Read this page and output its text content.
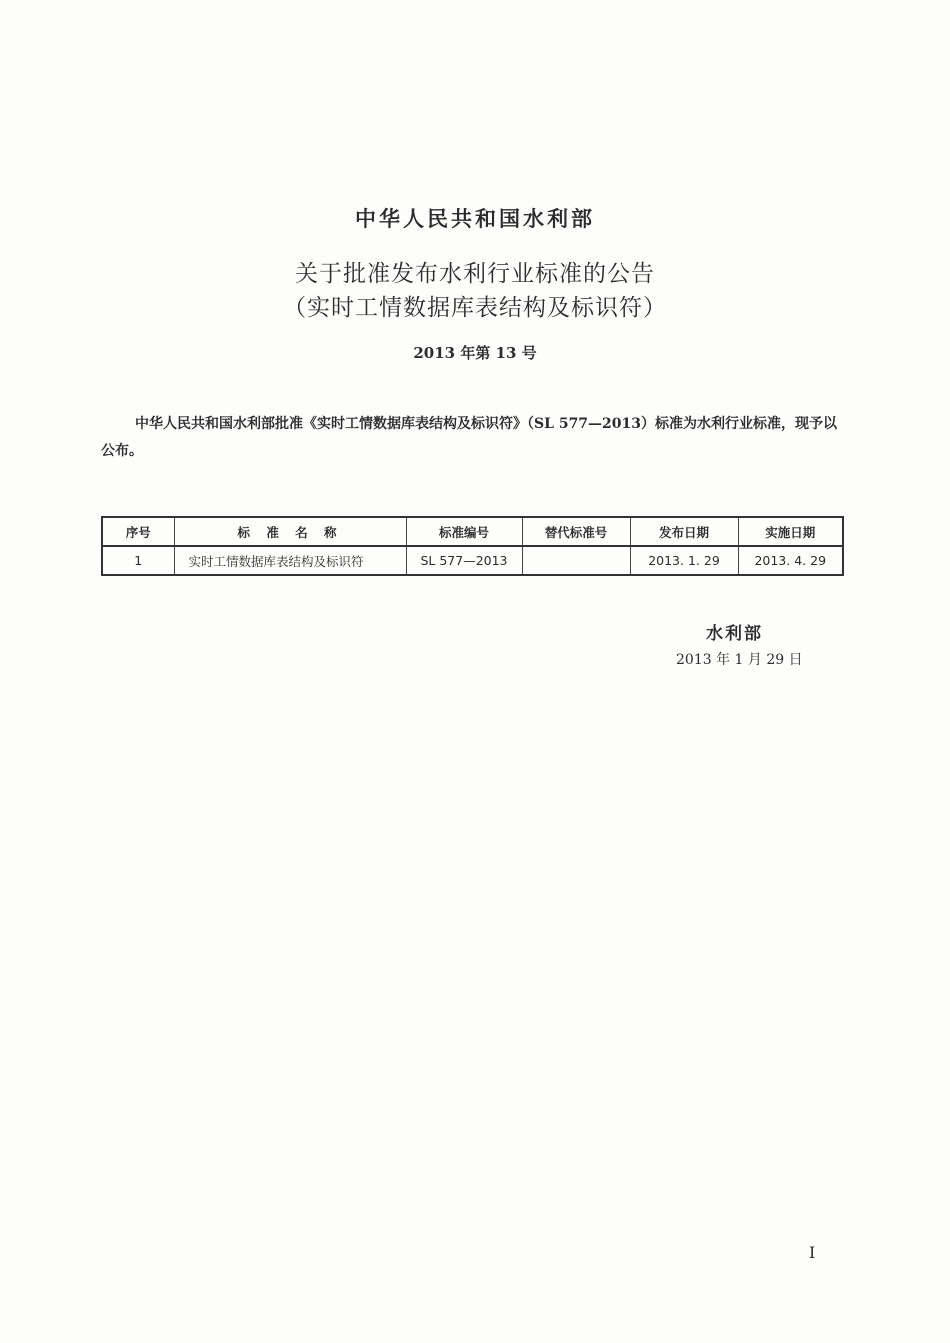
中华人民共和国水利部
关于批准发布水利行业标准的公告
（实时工情数据库表结构及标识符）
2013 年第 13 号
中华人民共和国水利部批准《实时工情数据库表结构及标识符》（SL 577—2013）标准为水利行业标准，现予以公布。
序号	标 准 名 称	标准编号	替代标准号	发布日期	实施日期
1	实时工情数据库表结构及标识符	SL 577—2013		2013. 1. 29	2013. 4. 29
水利部
2013 年 1 月 29 日
I
